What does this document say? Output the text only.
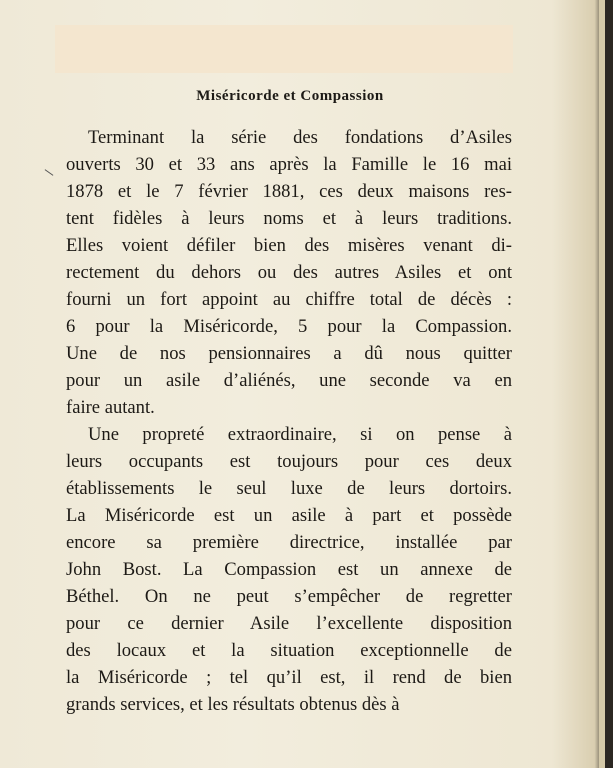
Miséricorde et Compassion
Terminant la série des fondations d’Asiles
ouverts 30 et 33 ans après la Famille le 16 mai
1878 et le 7 février 1881, ces deux maisons res-
tent fidèles à leurs noms et à leurs traditions.
Elles voient défiler bien des misères venant di-
rectement du dehors ou des autres Asiles et ont
fourni un fort appoint au chiffre total de décès :
6 pour la Miséricorde, 5 pour la Compassion.
Une de nos pensionnaires a dû nous quitter
pour un asile d’aliénés, une seconde va en
faire autant.
Une propreté extraordinaire, si on pense à
leurs occupants est toujours pour ces deux
établissements le seul luxe de leurs dortoirs.
La Miséricorde est un asile à part et possède
encore sa première directrice, installée par
John Bost. La Compassion est un annexe de
Béthel. On ne peut s’empêcher de regretter
pour ce dernier Asile l’excellente disposition
des locaux et la situation exceptionnelle de
la Miséricorde ; tel qu’il est, il rend de bien
grands services, et les résultats obtenus dès à
